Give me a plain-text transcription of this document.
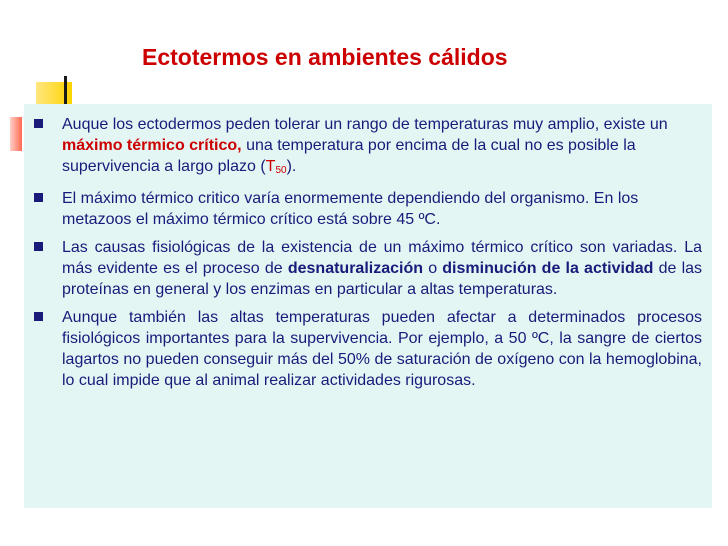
Ectotermos en ambientes cálidos
Auque los ectodermos peden tolerar un rango de temperaturas muy amplio, existe un máximo térmico crítico, una temperatura por encima de la cual no es posible la supervivencia a largo plazo $(T_{50})$.
El máximo térmico critico varía enormemente dependiendo del organismo. En los metazoos el máximo térmico crítico está sobre 45 ºC.
Las causas fisiológicas de la existencia de un máximo térmico crítico son variadas. La más evidente es el proceso de desnaturalización o disminución de la actividad de las proteínas en general y los enzimas en particular a altas temperaturas.
Aunque también las altas temperaturas pueden afectar a determinados procesos fisiológicos importantes para la supervivencia. Por ejemplo, a 50 ºC, la sangre de ciertos lagartos no pueden conseguir más del 50% de saturación de oxígeno con la hemoglobina, lo cual impide que al animal realizar actividades rigurosas.
